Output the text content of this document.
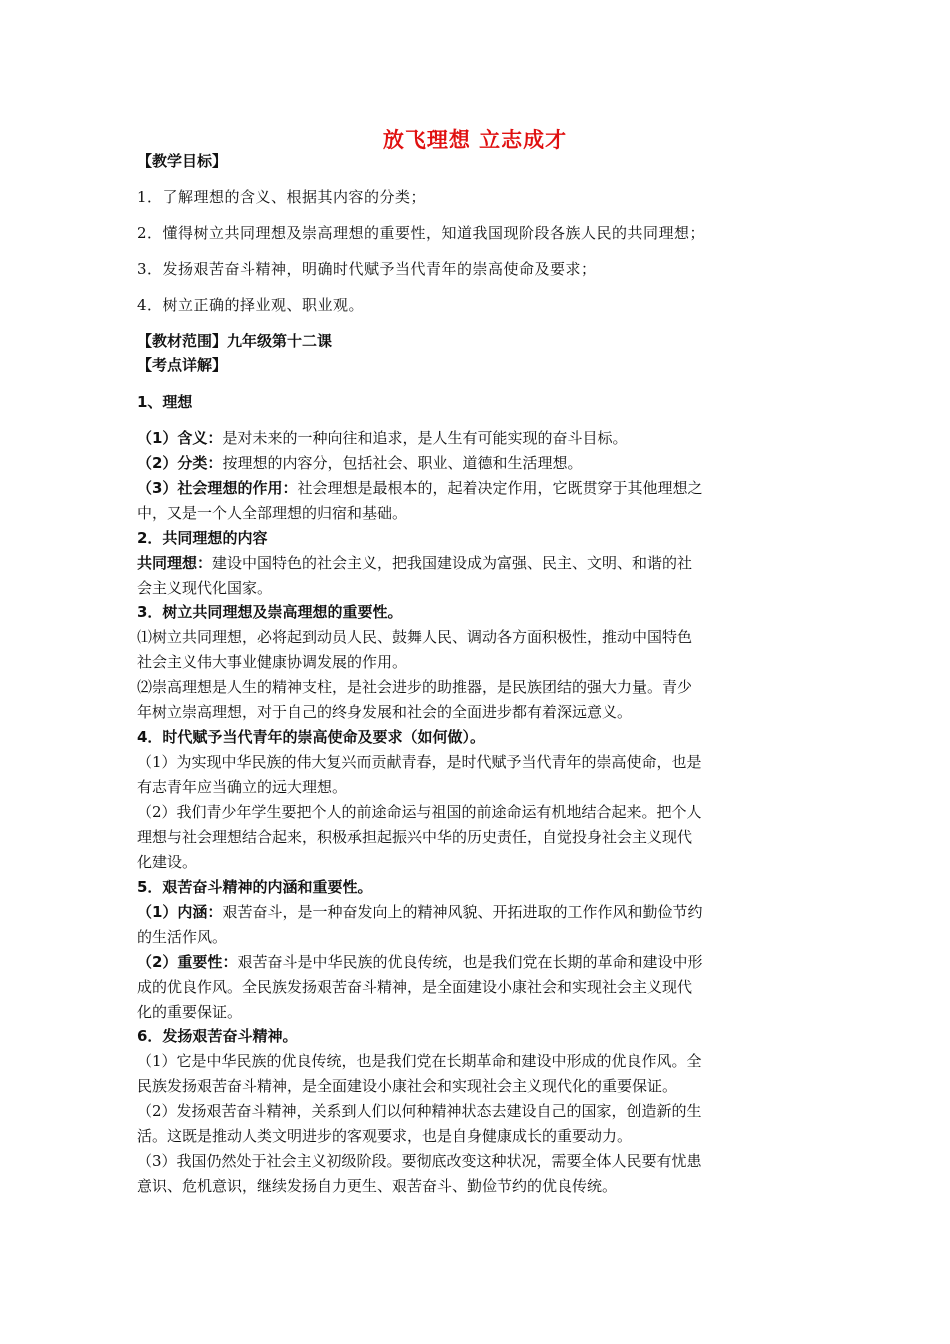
放飞理想 立志成才
【教学目标】
1．了解理想的含义、根据其内容的分类；
2．懂得树立共同理想及崇高理想的重要性，知道我国现阶段各族人民的共同理想；
3．发扬艰苦奋斗精神，明确时代赋予当代青年的崇高使命及要求；
4．树立正确的择业观、职业观。
【教材范围】九年级第十二课
【考点详解】
1、理想
（1）含义：是对未来的一种向往和追求，是人生有可能实现的奋斗目标。
（2）分类：按理想的内容分，包括社会、职业、道德和生活理想。
（3）社会理想的作用：社会理想是最根本的，起着决定作用，它既贯穿于其他理想之
中，又是一个人全部理想的归宿和基础。
2．共同理想的内容
共同理想：建设中国特色的社会主义，把我国建设成为富强、民主、文明、和谐的社
会主义现代化国家。
3．树立共同理想及崇高理想的重要性。
⑴树立共同理想，必将起到动员人民、鼓舞人民、调动各方面积极性，推动中国特色
社会主义伟大事业健康协调发展的作用。
⑵崇高理想是人生的精神支柱，是社会进步的助推器，是民族团结的强大力量。青少
年树立崇高理想，对于自己的终身发展和社会的全面进步都有着深远意义。
4．时代赋予当代青年的崇高使命及要求（如何做）。
（1）为实现中华民族的伟大复兴而贡献青春，是时代赋予当代青年的崇高使命，也是
有志青年应当确立的远大理想。
（2）我们青少年学生要把个人的前途命运与祖国的前途命运有机地结合起来。把个人
理想与社会理想结合起来，积极承担起振兴中华的历史责任，自觉投身社会主义现代
化建设。
5．艰苦奋斗精神的内涵和重要性。
（1）内涵：艰苦奋斗，是一种奋发向上的精神风貌、开拓进取的工作作风和勤俭节约
的生活作风。
（2）重要性：艰苦奋斗是中华民族的优良传统，也是我们党在长期的革命和建设中形
成的优良作风。全民族发扬艰苦奋斗精神，是全面建设小康社会和实现社会主义现代
化的重要保证。
6．发扬艰苦奋斗精神。
（1）它是中华民族的优良传统，也是我们党在长期革命和建设中形成的优良作风。全
民族发扬艰苦奋斗精神，是全面建设小康社会和实现社会主义现代化的重要保证。
（2）发扬艰苦奋斗精神，关系到人们以何种精神状态去建设自己的国家，创造新的生
活。这既是推动人类文明进步的客观要求，也是自身健康成长的重要动力。
（3）我国仍然处于社会主义初级阶段。要彻底改变这种状况，需要全体人民要有忧患
意识、危机意识，继续发扬自力更生、艰苦奋斗、勤俭节约的优良传统。
